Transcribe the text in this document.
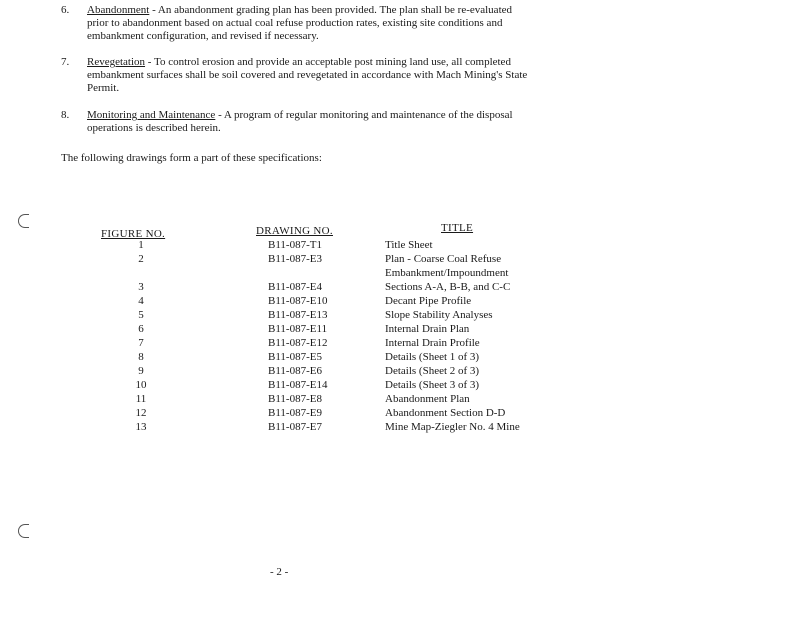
6. Abandonment - An abandonment grading plan has been provided. The plan shall be re-evaluated prior to abandonment based on actual coal refuse production rates, existing site conditions and embankment configuration, and revised if necessary.
7. Revegetation - To control erosion and provide an acceptable post mining land use, all completed embankment surfaces shall be soil covered and revegetated in accordance with Mach Mining's State Permit.
8. Monitoring and Maintenance - A program of regular monitoring and maintenance of the disposal operations is described herein.
The following drawings form a part of these specifications:
FIGURE NO.	DRAWING NO.	TITLE
1	B11-087-T1	Title Sheet
2	B11-087-E3	Plan - Coarse Coal Refuse
Embankment/Impoundment
3	B11-087-E4	Sections A-A, B-B, and C-C
4	B11-087-E10	Decant Pipe Profile
5	B11-087-E13	Slope Stability Analyses
6	B11-087-E11	Internal Drain Plan
7	B11-087-E12	Internal Drain Profile
8	B11-087-E5	Details (Sheet 1 of 3)
9	B11-087-E6	Details (Sheet 2 of 3)
10	B11-087-E14	Details (Sheet 3 of 3)
11	B11-087-E8	Abandonment Plan
12	B11-087-E9	Abandonment Section D-D
13	B11-087-E7	Mine Map-Ziegler No. 4 Mine
- 2 -
